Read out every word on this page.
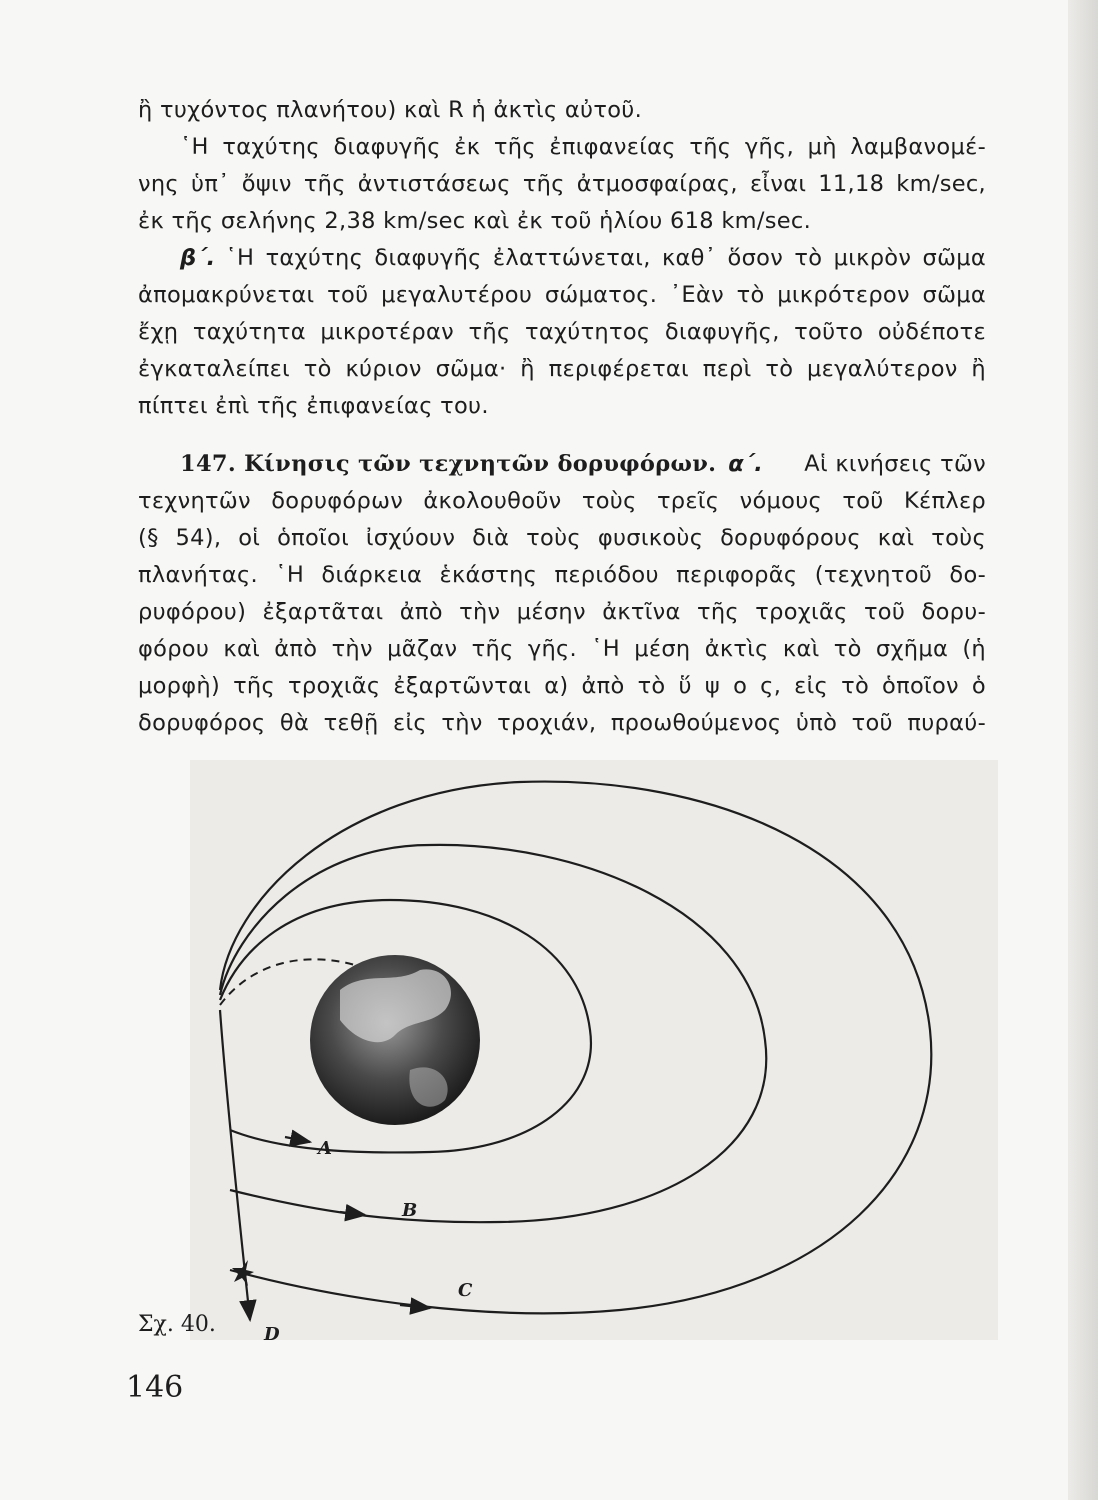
ἢ τυχόντος πλανήτου) καὶ R ἡ ἀκτὶς αὐτοῦ.
῾Η ταχύτης διαφυγῆς ἐκ τῆς ἐπιφανείας τῆς γῆς, μὴ λαμβανομέ-
νης ὑπ᾽ ὄψιν τῆς ἀντιστάσεως τῆς ἀτμοσφαίρας, εἶναι 11,18 km/sec,
ἐκ τῆς σελήνης 2,38 km/sec καὶ ἐκ τοῦ ἡλίου 618 km/sec.
β΄. ῾Η ταχύτης διαφυγῆς ἐλαττώνεται, καθ᾽ ὅσον τὸ μικρὸν σῶμα
ἀπομακρύνεται τοῦ μεγαλυτέρου σώματος. ᾽Εὰν τὸ μικρότερον σῶμα
ἔχῃ ταχύτητα μικροτέραν τῆς ταχύτητος διαφυγῆς, τοῦτο οὐδέποτε
ἐγκαταλείπει τὸ κύριον σῶμα· ἢ περιφέρεται περὶ τὸ μεγαλύτερον ἢ
πίπτει ἐπὶ τῆς ἐπιφανείας του.
147. Κίνησις τῶν τεχνητῶν δορυφόρων. α΄.	Αἱ κινήσεις τῶν
τεχνητῶν δορυφόρων ἀκολουθοῦν τοὺς τρεῖς νόμους τοῦ Κέπλερ
(§ 54), οἱ ὁποῖοι ἰσχύουν διὰ τοὺς φυσικοὺς δορυφόρους καὶ τοὺς
πλανήτας. ῾Η διάρκεια ἑκάστης περιόδου περιφορᾶς (τεχνητοῦ δο-
ρυφόρου) ἐξαρτᾶται ἀπὸ τὴν μέσην ἀκτῖνα τῆς τροχιᾶς τοῦ δορυ-
φόρου καὶ ἀπὸ τὴν μᾶζαν τῆς γῆς. ῾Η μέση ἀκτὶς καὶ τὸ σχῆμα (ἡ
μορφὴ) τῆς τροχιᾶς ἐξαρτῶνται α) ἀπὸ τὸ ὕ ψ ο ς, εἰς τὸ ὁποῖον ὁ
δορυφόρος θὰ τεθῇ εἰς τὴν τροχιάν, προωθούμενος ὑπὸ τοῦ πυραύ-
A
B
C
D
Σχ. 40.
146
